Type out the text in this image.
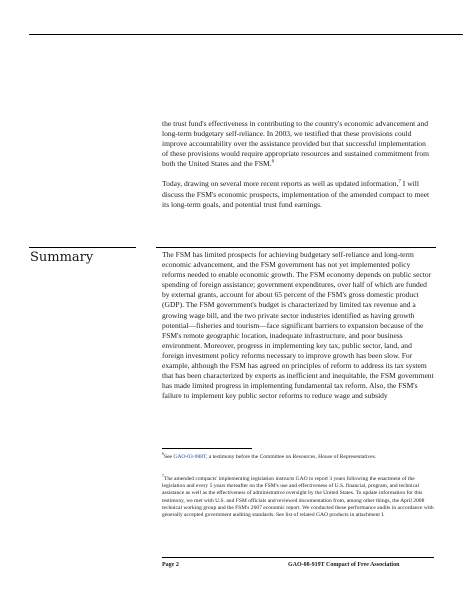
the trust fund's effectiveness in contributing to the country's economic advancement and long-term budgetary self-reliance. In 2003, we testified that these provisions could improve accountability over the assistance provided but that successful implementation of these provisions would require appropriate resources and sustained commitment from both the United States and the FSM.$^6$

Today, drawing on several more recent reports as well as updated information,$^7$ I will discuss the FSM's economic prospects, implementation of the amended compact to meet its long-term goals, and potential trust fund earnings.

Summary	The FSM has limited prospects for achieving budgetary self-reliance and long-term economic advancement, and the FSM government has not yet implemented policy reforms needed to enable economic growth. The FSM economy depends on public sector spending of foreign assistance; government expenditures, over half of which are funded by external grants, account for about 65 percent of the FSM's gross domestic product (GDP). The FSM government's budget is characterized by limited tax revenue and a growing wage bill, and the two private sector industries identified as having growth potential—fisheries and tourism—face significant barriers to expansion because of the FSM's remote geographic location, inadequate infrastructure, and poor business environment. Moreover, progress in implementing key tax, public sector, land, and foreign investment policy reforms necessary to improve growth has been slow. For example, although the FSM has agreed on principles of reform to address its tax system that has been characterized by experts as inefficient and inequitable, the FSM government has made limited progress in implementing fundamental tax reform. Also, the FSM's failure to implement key public sector reforms to reduce wage and subsidy

$^6$See GAO-03-988T, a testimony before the Committee on Resources, House of Representatives.
$^7$The amended compacts' implementing legislation instructs GAO to report 3 years following the enactment of the legislation and every 5 years thereafter on the FSM's use and effectiveness of U.S. financial, program, and technical assistance as well as the effectiveness of administrative oversight by the United States. To update information for this testimony, we met with U.S. and FSM officials and reviewed documentation from, among other things, the April 2008 technical working group and the FSM's 2007 economic report. We conducted these performance audits in accordance with generally accepted government auditing standards. See list of related GAO products in attachment I.
Page 2	GAO-08-919T Compact of Free Association
